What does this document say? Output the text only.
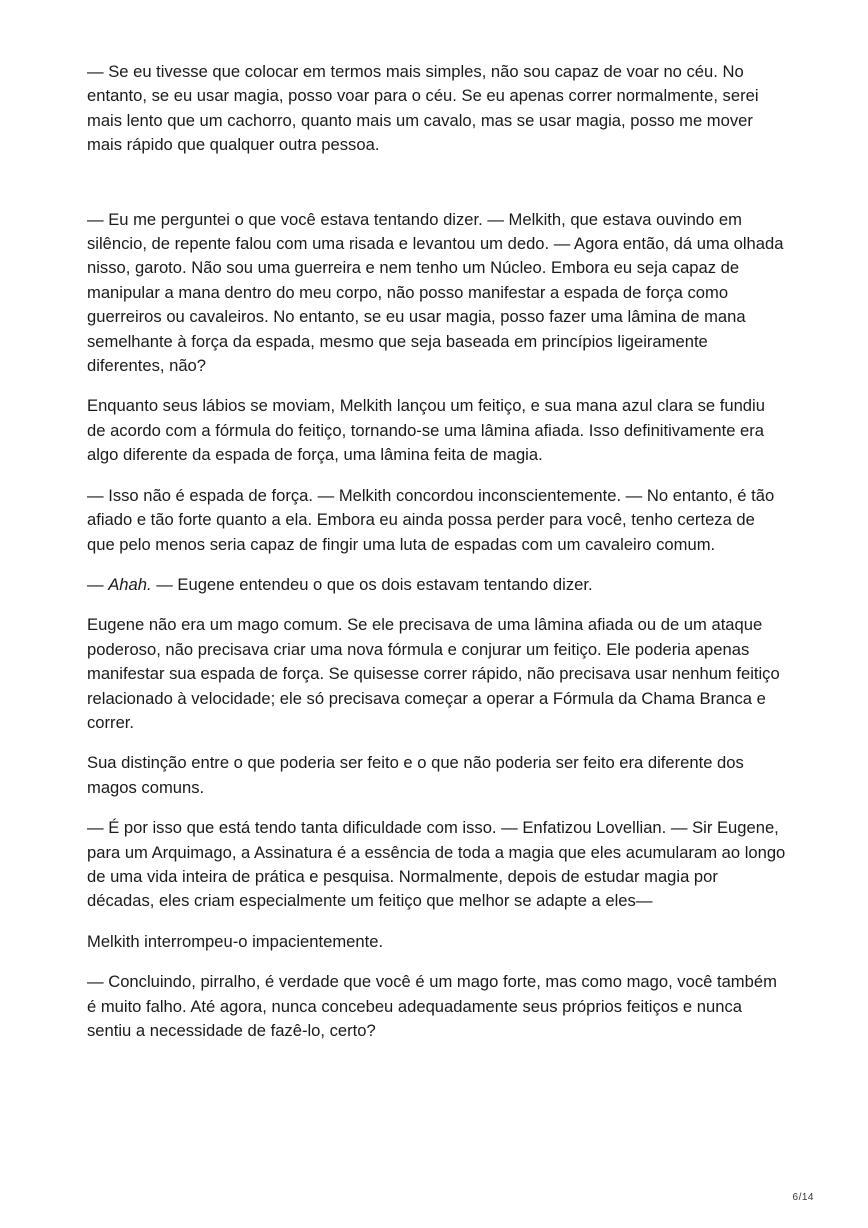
— Se eu tivesse que colocar em termos mais simples, não sou capaz de voar no céu. No entanto, se eu usar magia, posso voar para o céu. Se eu apenas correr normalmente, serei mais lento que um cachorro, quanto mais um cavalo, mas se usar magia, posso me mover mais rápido que qualquer outra pessoa.

— Eu me perguntei o que você estava tentando dizer. — Melkith, que estava ouvindo em silêncio, de repente falou com uma risada e levantou um dedo. — Agora então, dá uma olhada nisso, garoto. Não sou uma guerreira e nem tenho um Núcleo. Embora eu seja capaz de manipular a mana dentro do meu corpo, não posso manifestar a espada de força como guerreiros ou cavaleiros. No entanto, se eu usar magia, posso fazer uma lâmina de mana semelhante à força da espada, mesmo que seja baseada em princípios ligeiramente diferentes, não?

Enquanto seus lábios se moviam, Melkith lançou um feitiço, e sua mana azul clara se fundiu de acordo com a fórmula do feitiço, tornando-se uma lâmina afiada. Isso definitivamente era algo diferente da espada de força, uma lâmina feita de magia.

— Isso não é espada de força. — Melkith concordou inconscientemente. — No entanto, é tão afiado e tão forte quanto a ela. Embora eu ainda possa perder para você, tenho certeza de que pelo menos seria capaz de fingir uma luta de espadas com um cavaleiro comum.

— Ahah. — Eugene entendeu o que os dois estavam tentando dizer.

Eugene não era um mago comum. Se ele precisava de uma lâmina afiada ou de um ataque poderoso, não precisava criar uma nova fórmula e conjurar um feitiço. Ele poderia apenas manifestar sua espada de força. Se quisesse correr rápido, não precisava usar nenhum feitiço relacionado à velocidade; ele só precisava começar a operar a Fórmula da Chama Branca e correr.

Sua distinção entre o que poderia ser feito e o que não poderia ser feito era diferente dos magos comuns.

— É por isso que está tendo tanta dificuldade com isso. — Enfatizou Lovellian. — Sir Eugene, para um Arquimago, a Assinatura é a essência de toda a magia que eles acumularam ao longo de uma vida inteira de prática e pesquisa. Normalmente, depois de estudar magia por décadas, eles criam especialmente um feitiço que melhor se adapte a eles—

Melkith interrompeu-o impacientemente.

— Concluindo, pirralho, é verdade que você é um mago forte, mas como mago, você também é muito falho. Até agora, nunca concebeu adequadamente seus próprios feitiços e nunca sentiu a necessidade de fazê-lo, certo?

6/14
